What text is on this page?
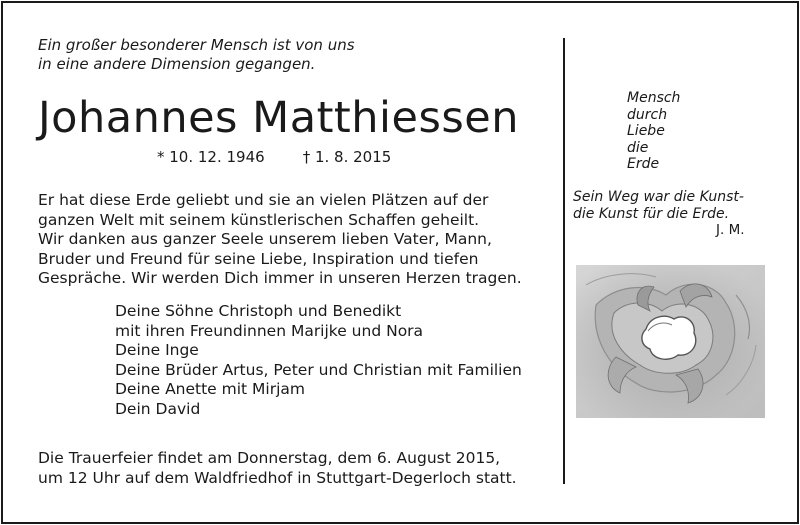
Ein großer besonderer Mensch ist von uns
in eine andere Dimension gegangen.
Johannes Matthiessen
* 10. 12. 1946	† 1. 8. 2015
Er hat diese Erde geliebt und sie an vielen Plätzen auf der
ganzen Welt mit seinem künstlerischen Schaffen geheilt.
Wir danken aus ganzer Seele unserem lieben Vater, Mann,
Bruder und Freund für seine Liebe, Inspiration und tiefen
Gespräche. Wir werden Dich immer in unseren Herzen tragen.
Deine Söhne Christoph und Benedikt
mit ihren Freundinnen Marijke und Nora
Deine Inge
Deine Brüder Artus, Peter und Christian mit Familien
Deine Anette mit Mirjam
Dein David
Die Trauerfeier findet am Donnerstag, dem 6. August 2015,
um 12 Uhr auf dem Waldfriedhof in Stuttgart-Degerloch statt.
Mensch
durch
Liebe
die
Erde
Sein Weg war die Kunst-
die Kunst für die Erde.
J. M.
